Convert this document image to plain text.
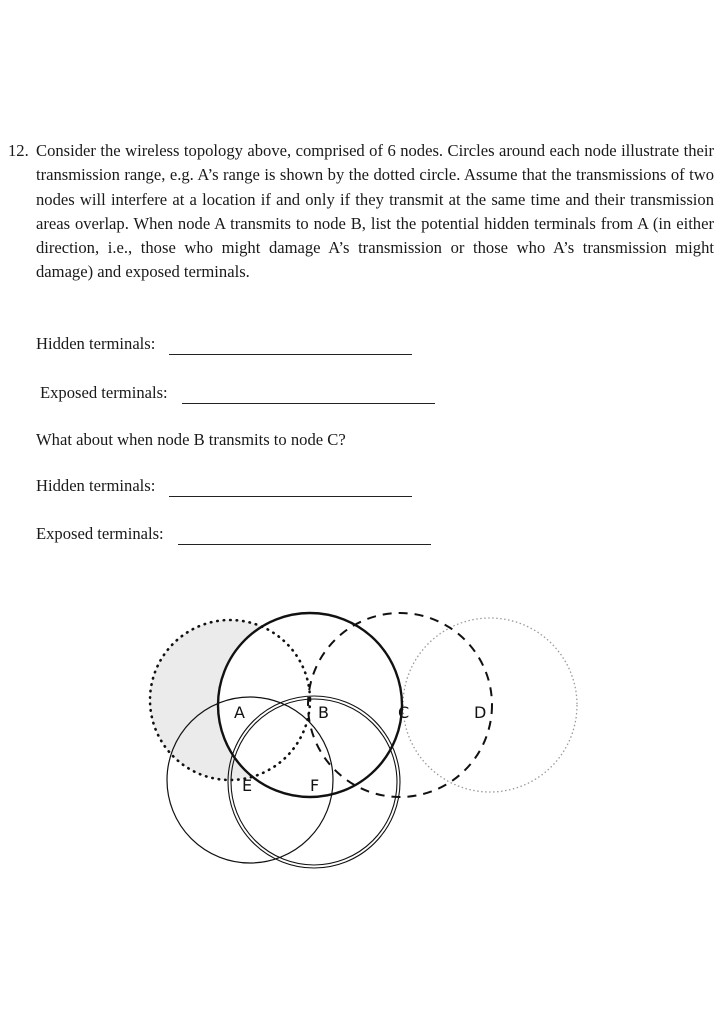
12. Consider the wireless topology above, comprised of 6 nodes. Circles around each node illustrate their transmission range, e.g. A’s range is shown by the dotted circle. Assume that the transmissions of two nodes will interfere at a location if and only if they transmit at the same time and their transmission areas overlap. When node A transmits to node B, list the potential hidden terminals from A (in either direction, i.e., those who might damage A’s transmission or those who A’s transmission might damage) and exposed terminals.
Hidden terminals:
Exposed terminals:
What about when node B transmits to node C?
Hidden terminals:
Exposed terminals:
A	B	C	D
E	F
